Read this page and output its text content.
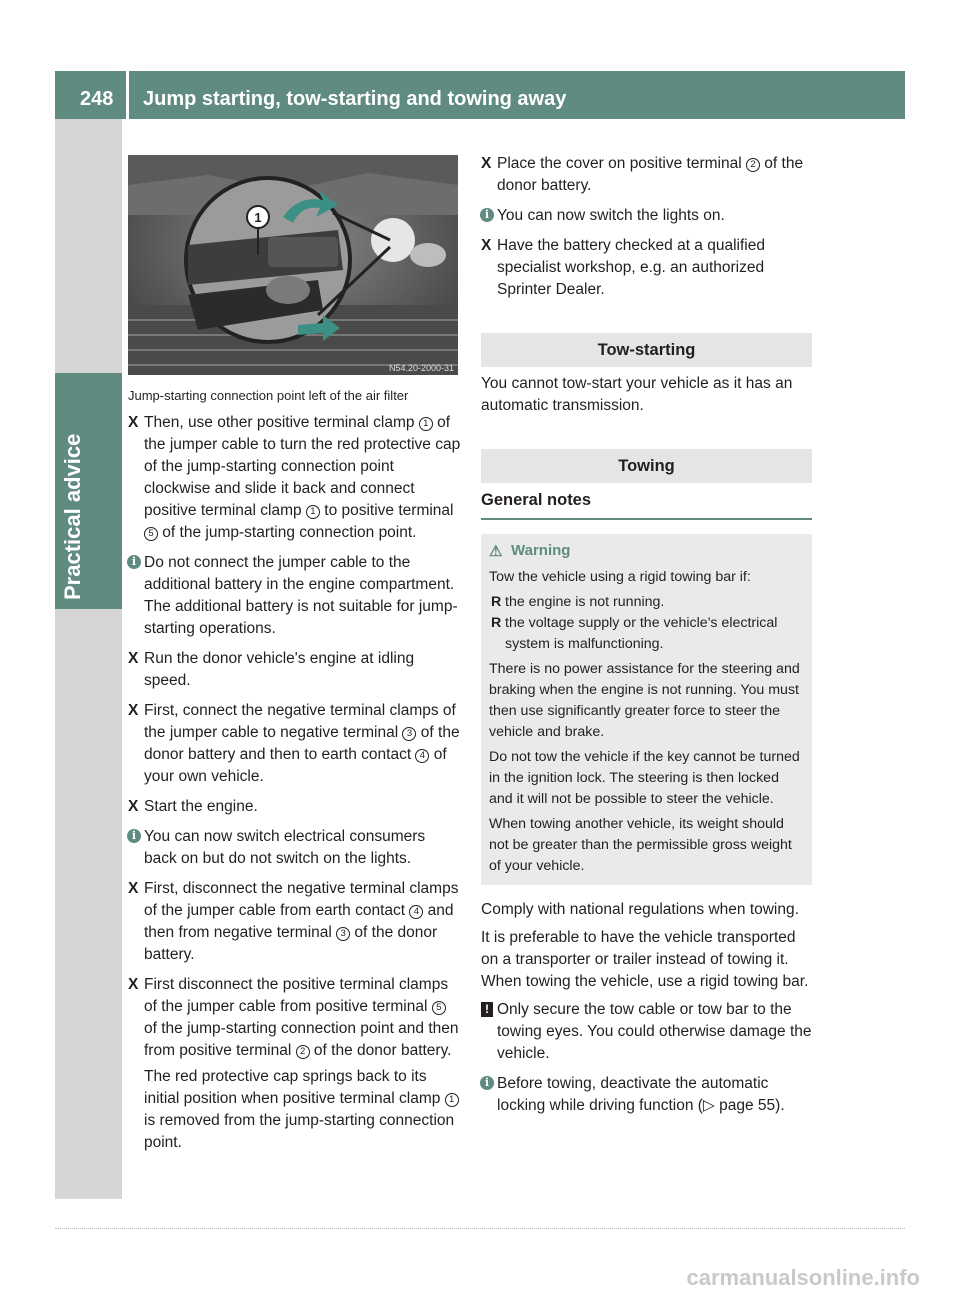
248 Jump starting, tow-starting and towing away
Practical advice
1
N54.20-2000-31
Jump-starting connection point left of the air filter
X Then, use other positive terminal clamp 1 of the jumper cable to turn the red protective cap of the jump-starting connection point clockwise and slide it back and connect positive terminal clamp 1 to positive terminal 5 of the jump-starting connection point.
i Do not connect the jumper cable to the additional battery in the engine compartment. The additional battery is not suitable for jump-starting operations.
X Run the donor vehicle's engine at idling speed.
X First, connect the negative terminal clamps of the jumper cable to negative terminal 3 of the donor battery and then to earth contact 4 of your own vehicle.
X Start the engine.
i You can now switch electrical consumers back on but do not switch on the lights.
X First, disconnect the negative terminal clamps of the jumper cable from earth contact 4 and then from negative terminal 3 of the donor battery.
X First disconnect the positive terminal clamps of the jumper cable from positive terminal 5 of the jump-starting connection point and then from positive terminal 2 of the donor battery.
The red protective cap springs back to its initial position when positive terminal clamp 1 is removed from the jump-starting connection point.
X Place the cover on positive terminal 2 of the donor battery.
i You can now switch the lights on.
X Have the battery checked at a qualified specialist workshop, e.g. an authorized Sprinter Dealer.
Tow-starting
You cannot tow-start your vehicle as it has an automatic transmission.
Towing
General notes
⚠ Warning
Tow the vehicle using a rigid towing bar if:
R the engine is not running.
R the voltage supply or the vehicle's electrical system is malfunctioning.
There is no power assistance for the steering and braking when the engine is not running. You must then use significantly greater force to steer the vehicle and brake.
Do not tow the vehicle if the key cannot be turned in the ignition lock. The steering is then locked and it will not be possible to steer the vehicle.
When towing another vehicle, its weight should not be greater than the permissible gross weight of your vehicle.
Comply with national regulations when towing.
It is preferable to have the vehicle transported on a transporter or trailer instead of towing it. When towing the vehicle, use a rigid towing bar.
! Only secure the tow cable or tow bar to the towing eyes. You could otherwise damage the vehicle.
i Before towing, deactivate the automatic locking while driving function (▷ page 55).
carmanualsonline.info
